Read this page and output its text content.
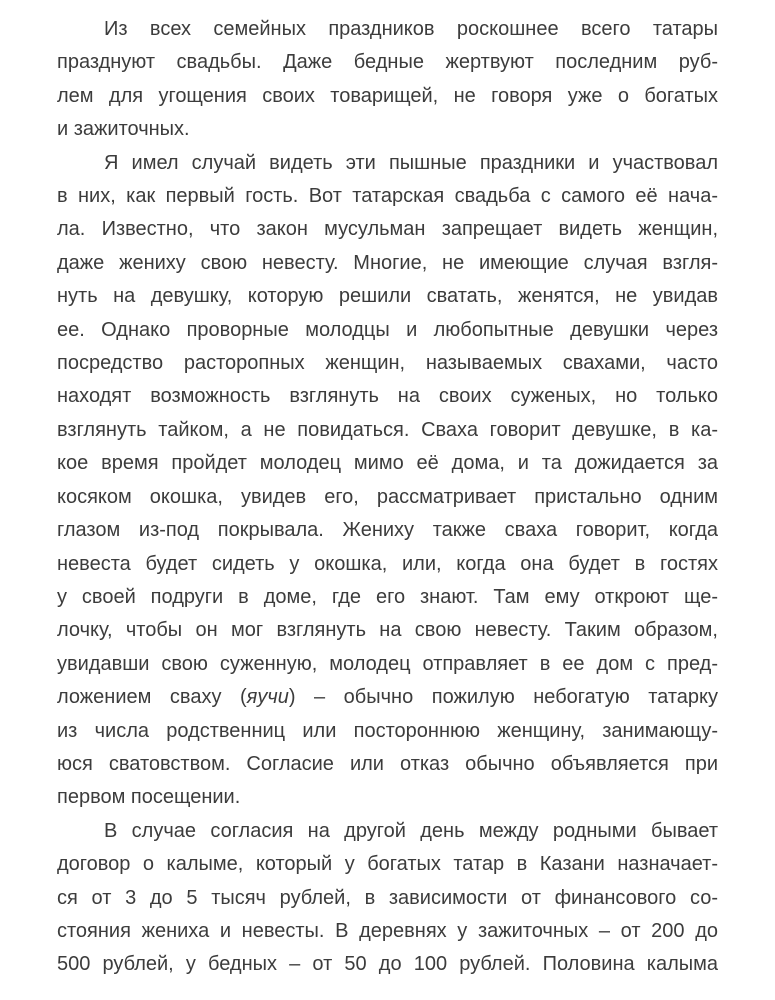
Из всех семейных праздников роскошнее всего татары
празднуют свадьбы. Даже бедные жертвуют последним руб-
лем для угощения своих товарищей, не говоря уже о богатых
и зажиточных.
Я имел случай видеть эти пышные праздники и участвовал
в них, как первый гость. Вот татарская свадьба с самого её нача-
ла. Известно, что закон мусульман запрещает видеть женщин,
даже жениху свою невесту. Многие, не имеющие случая взгля-
нуть на девушку, которую решили сватать, женятся, не увидав
ее. Однако проворные молодцы и любопытные девушки через
посредство расторопных женщин, называемых свахами, часто
находят возможность взглянуть на своих суженых, но только
взглянуть тайком, а не повидаться. Сваха говорит девушке, в ка-
кое время пройдет молодец мимо её дома, и та дожидается за
косяком окошка, увидев его, рассматривает пристально одним
глазом из-под покрывала. Жениху также сваха говорит, когда
невеста будет сидеть у окошка, или, когда она будет в гостях
у своей подруги в доме, где его знают. Там ему откроют ще-
лочку, чтобы он мог взглянуть на свою невесту. Таким образом,
увидавши свою суженную, молодец отправляет в ее дом с пред-
ложением сваху (яучи) – обычно пожилую небогатую татарку
из числа родственниц или постороннюю женщину, занимающу-
юся сватовством. Согласие или отказ обычно объявляется при
первом посещении.
В случае согласия на другой день между родными бывает
договор о калыме, который у богатых татар в Казани назначает-
ся от 3 до 5 тысяч рублей, в зависимости от финансового со-
стояния жениха и невесты. В деревнях у зажиточных – от 200 до
500 рублей, у бедных – от 50 до 100 рублей. Половина калыма
